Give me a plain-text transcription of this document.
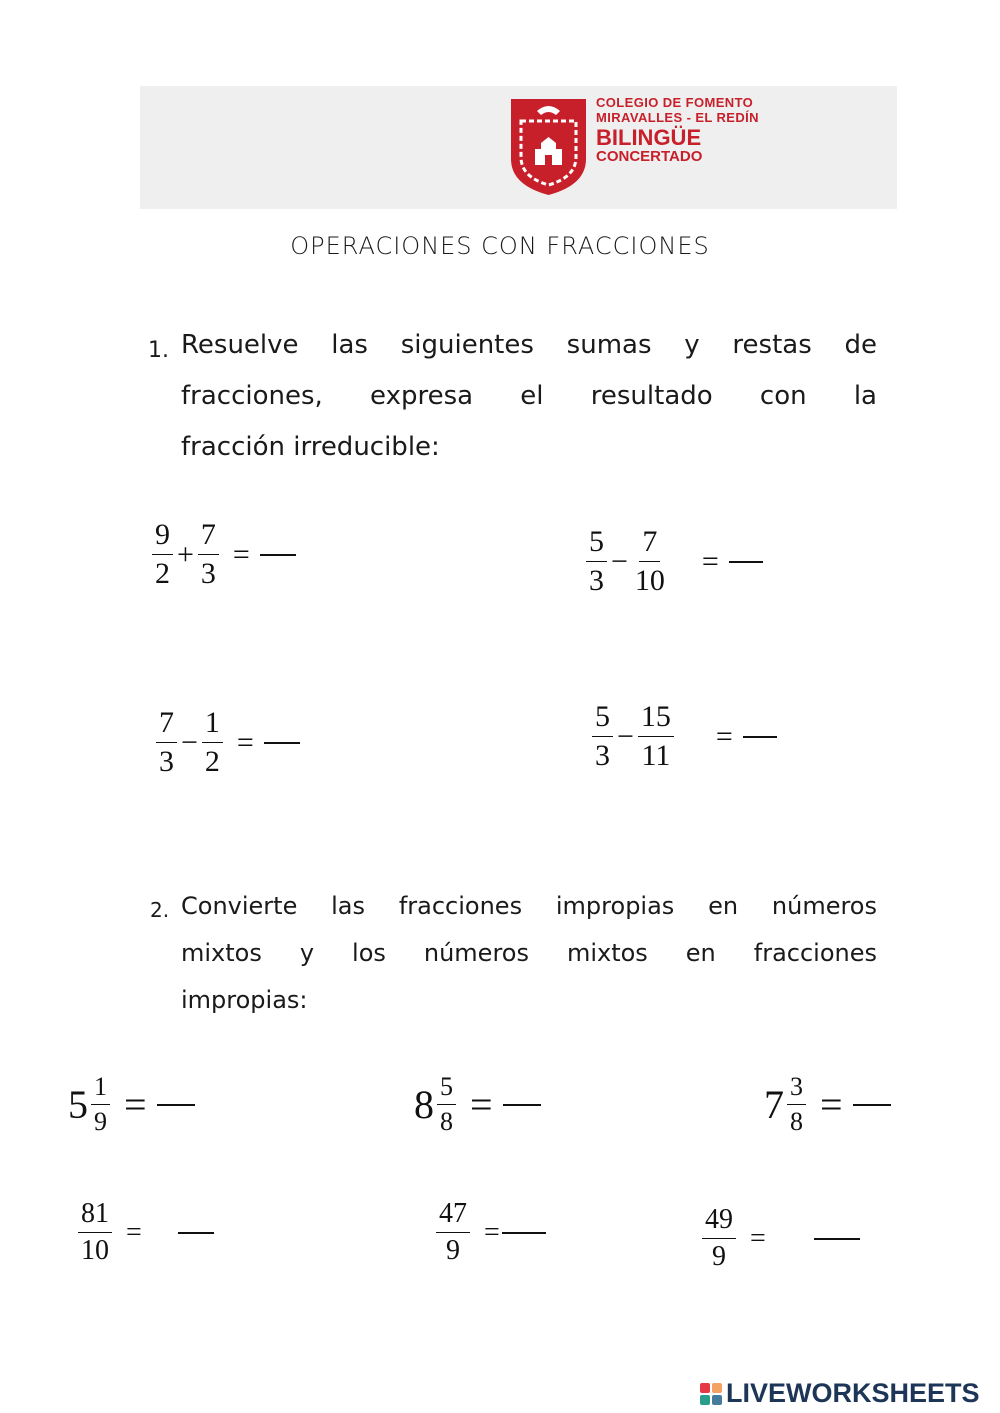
COLEGIO DE FOMENTO
MIRAVALLES - EL REDÍN
BILINGÜE
CONCERTADO
OPERACIONES CON FRACCIONES
1. Resuelve las siguientes sumas y restas de
fracciones, expresa el resultado con la
fracción irreducible:
$\frac{9}{2} + \frac{7}{3}$ =	$\frac{5}{3} - \frac{7}{10}$ =
$\frac{7}{3} - \frac{1}{2}$ =	$\frac{5}{3} - \frac{15}{11}$ =
2. Convierte las fracciones impropias en números
mixtos y los números mixtos en fracciones
impropias:
$5 \frac{1}{9}$ =	$8 \frac{5}{8}$ =	$7 \frac{3}{8}$ =
$\frac{81}{10}$ =	$\frac{47}{9}$ =	$\frac{49}{9}$ =
LIVEWORKSHEETS
